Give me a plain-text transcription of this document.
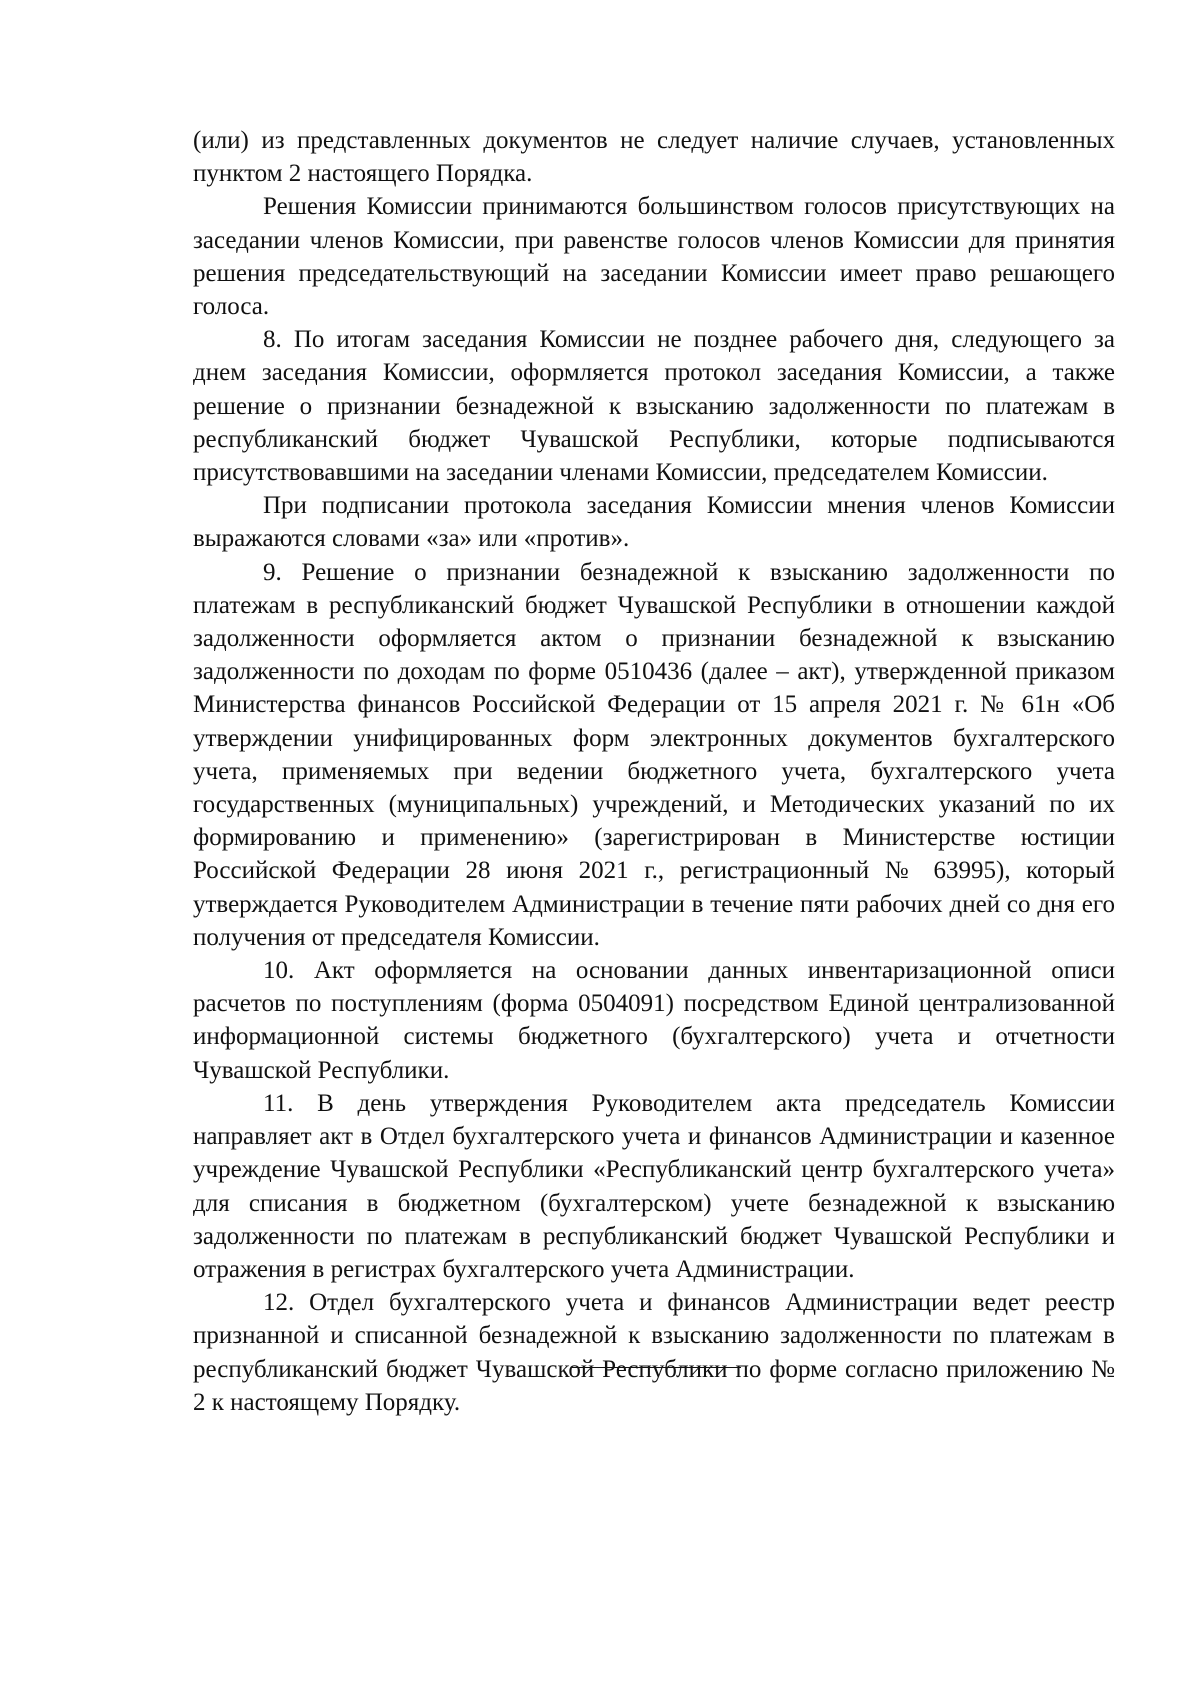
(или) из представленных документов не следует наличие случаев, установленных пунктом 2 настоящего Порядка.

Решения Комиссии принимаются большинством голосов присутствующих на заседании членов Комиссии, при равенстве голосов членов Комиссии для принятия решения председательствующий на заседании Комиссии имеет право решающего голоса.

8. По итогам заседания Комиссии не позднее рабочего дня, следующего за днем заседания Комиссии, оформляется протокол заседания Комиссии, а также решение о признании безнадежной к взысканию задолженности по платежам в республиканский бюджет Чувашской Республики, которые подписываются присутствовавшими на заседании членами Комиссии, председателем Комиссии.

При подписании протокола заседания Комиссии мнения членов Комиссии выражаются словами «за» или «против».

9. Решение о признании безнадежной к взысканию задолженности по платежам в республиканский бюджет Чувашской Республики в отношении каждой задолженности оформляется актом о признании безнадежной к взысканию задолженности по доходам по форме 0510436 (далее – акт), утвержденной приказом Министерства финансов Российской Федерации от 15 апреля 2021 г. № 61н «Об утверждении унифицированных форм электронных документов бухгалтерского учета, применяемых при ведении бюджетного учета, бухгалтерского учета государственных (муниципальных) учреждений, и Методических указаний по их формированию и применению» (зарегистрирован в Министерстве юстиции Российской Федерации 28 июня 2021 г., регистрационный № 63995), который утверждается Руководителем Администрации в течение пяти рабочих дней со дня его получения от председателя Комиссии.

10. Акт оформляется на основании данных инвентаризационной описи расчетов по поступлениям (форма 0504091) посредством Единой централизованной информационной системы бюджетного (бухгалтерского) учета и отчетности Чувашской Республики.

11. В день утверждения Руководителем акта председатель Комиссии направляет акт в Отдел бухгалтерского учета и финансов Администрации и казенное учреждение Чувашской Республики «Республиканский центр бухгалтерского учета» для списания в бюджетном (бухгалтерском) учете безнадежной к взысканию задолженности по платежам в республиканский бюджет Чувашской Республики и отражения в регистрах бухгалтерского учета Администрации.

12. Отдел бухгалтерского учета и финансов Администрации ведет реестр признанной и списанной безнадежной к взысканию задолженности по платежам в республиканский бюджет Чувашской Республики по форме согласно приложению № 2 к настоящему Порядку.
